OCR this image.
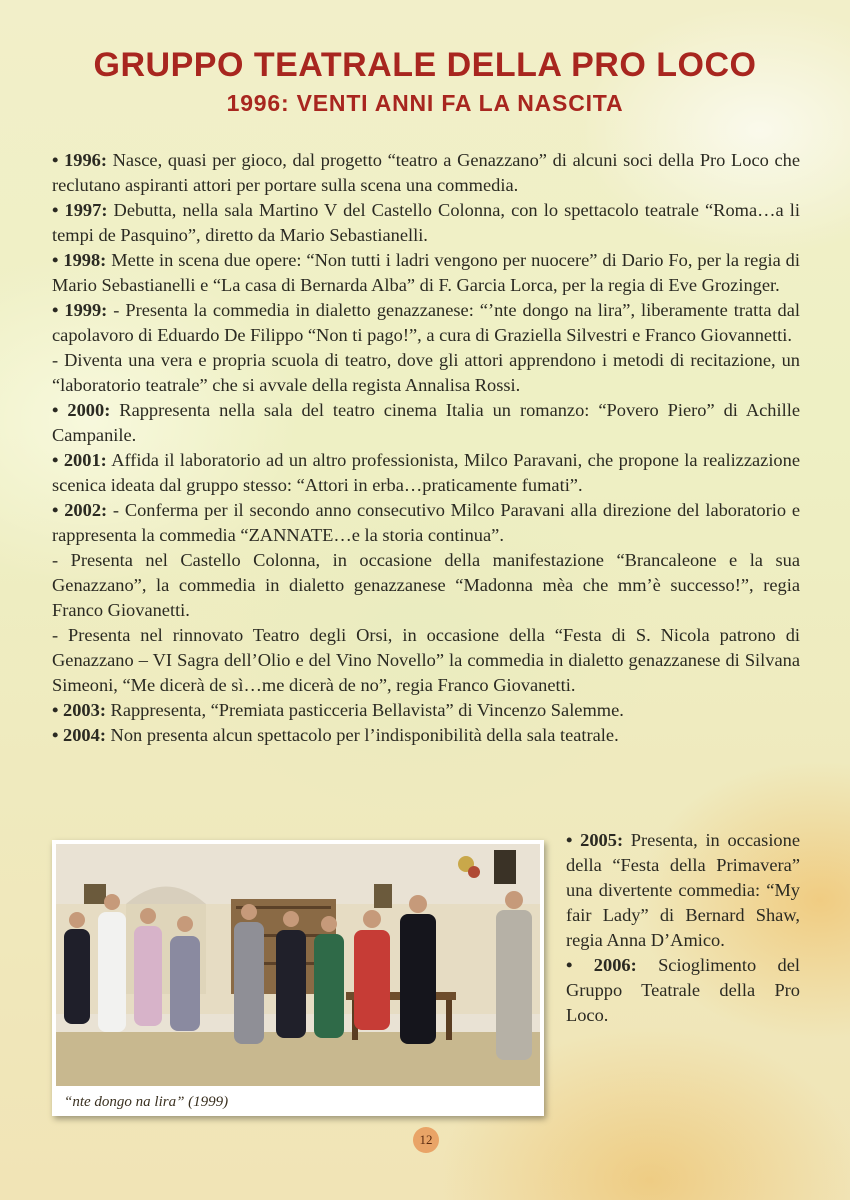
GRUPPO TEATRALE DELLA PRO LOCO
1996: VENTI ANNI FA LA NASCITA

• 1996: Nasce, quasi per gioco, dal progetto “teatro a Genazzano” di alcuni soci della Pro Loco che reclutano aspiranti attori per portare sulla scena una commedia.

• 1997: Debutta, nella sala Martino V del Castello Colonna, con lo spettacolo teatrale “Roma…a li tempi de Pasquino”, diretto da Mario Sebastianelli.

• 1998: Mette in scena due opere: “Non tutti i ladri vengono per nuocere” di Dario Fo, per la regia di Mario Sebastianelli e “La casa di Bernarda Alba” di F. Garcia Lorca, per la regia di Eve Grozinger.

• 1999: - Presenta la commedia in dialetto genazzanese: “’nte dongo na lira”, liberamente tratta dal capolavoro di Eduardo De Filippo “Non ti pago!”, a cura di Graziella Silvestri e Franco Giovannetti.

- Diventa una vera e propria scuola di teatro, dove gli attori apprendono i metodi di recitazione, un “laboratorio teatrale” che si avvale della regista Annalisa Rossi.

• 2000: Rappresenta nella sala del teatro cinema Italia un romanzo: “Povero Piero” di Achille Campanile.

• 2001: Affida il laboratorio ad un altro professionista, Milco Paravani, che propone la realizzazione scenica ideata dal gruppo stesso: “Attori in erba…praticamente fumati”.

• 2002: - Conferma per il secondo anno consecutivo Milco Paravani alla direzione del laboratorio e rappresenta la commedia “ZANNATE…e la storia continua”.

- Presenta nel Castello Colonna, in occasione della manifestazione “Brancaleone e la sua Genazzano”, la commedia in dialetto genazzanese “Madonna mèa che mm’è successo!”, regia Franco Giovanetti.

- Presenta nel rinnovato Teatro degli Orsi, in occasione della “Festa di S. Nicola patrono di Genazzano – VI Sagra dell’Olio e del Vino Novello” la commedia in dialetto genazzanese di Silvana Simeoni, “Me dicerà de sì…me dicerà de no”, regia Franco Giovanetti.

• 2003: Rappresenta, “Premiata pasticceria Bellavista” di Vincenzo Salemme.

• 2004: Non presenta alcun spettacolo per l’indisponibilità della sala teatrale.

“nte dongo na lira” (1999)

• 2005: Presenta, in occasione della “Festa della Primavera” una divertente commedia: “My fair Lady” di Bernard Shaw, regia Anna D’Amico.

• 2006: Scioglimento del Gruppo Teatrale della Pro Loco.

12
